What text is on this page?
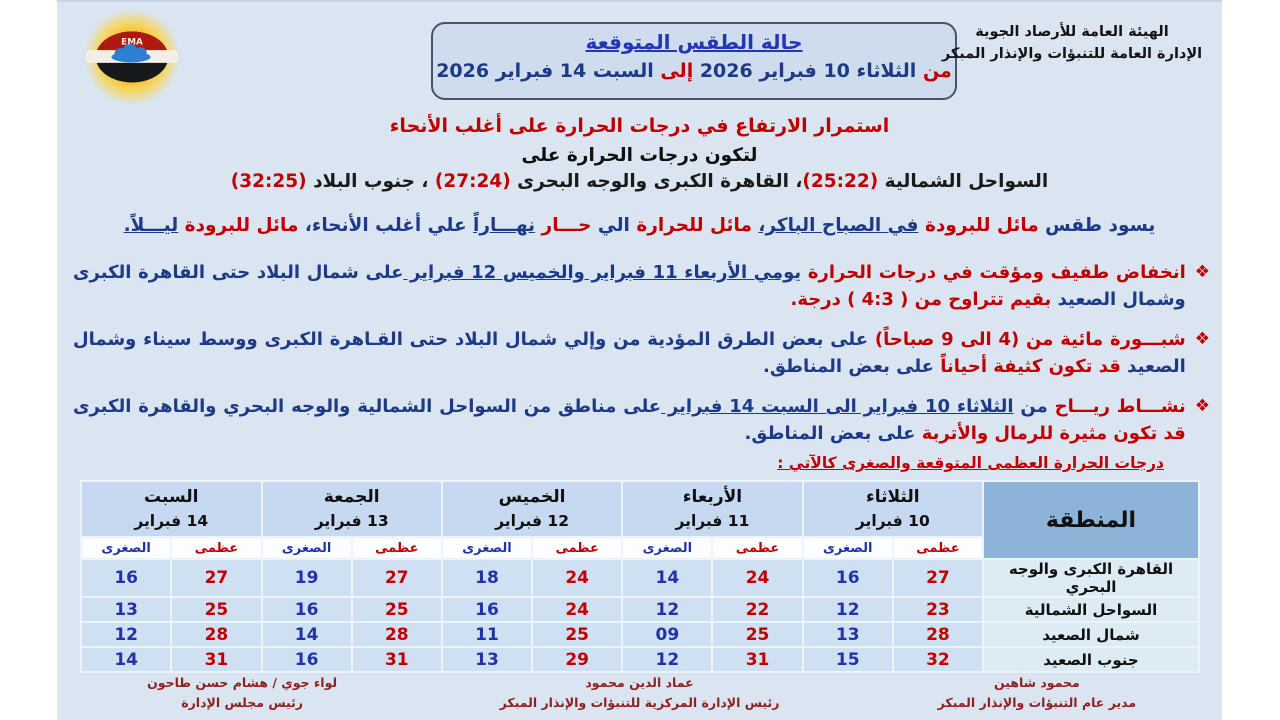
EMA	حالة الطقس المتوقعة
من الثلاثاء 10 فبراير 2026 إلى السبت 14 فبراير 2026
الهيئة العامة للأرصاد الجوية
الإدارة العامة للتنبؤات والإنذار المبكر
استمرار الارتفاع في درجات الحرارة على أغلب الأنحاء
لتكون درجات الحرارة على
السواحل الشمالية (25:22)، القاهرة الكبرى والوجه البحرى (27:24) ، جنوب البلاد (32:25)
يسود طقس مائل للبرودة في الصباح الباكر، مائل للحرارة الي حـــار نهـــاراً علي أغلب الأنحاء، مائل للبرودة ليـــلاً.
❖
انخفاض طفيف ومؤقت في درجات الحرارة يومي الأربعاء 11 فبراير والخميس 12 فبراير على شمال البلاد حتى القاهرة الكبرى وشمال الصعيد بقيم تتراوح من ( 4:3 ) درجة.
❖
شبـــورة مائية من (4 الى 9 صباحاً) على بعض الطرق المؤدية من وإلي شمال البلاد حتى القـاهرة الكبرى ووسط سيناء وشمال الصعيد قد تكون كثيفة أحياناً على بعض المناطق.
❖
نشـــاط ريـــاح من الثلاثاء 10 فبراير الى السبت 14 فبراير على مناطق من السواحل الشمالية والوجه البحري والقاهرة الكبرى قد تكون مثيرة للرمال والأتربة على بعض المناطق.
درجات الحرارة العظمى المتوقعة والصغرى كالآتي :
المنطقة	
الثلاثاء
10 فبراير

الأربعاء
11 فبراير

الخميس
12 فبراير

الجمعة
13 فبراير

السبت
14 فبراير

	عظمى	الصغرى	عظمى	الصغرى	عظمى	الصغرى	عظمى	الصغرى	عظمى	الصغرى
القاهرة الكبرى والوجه البحري	27	16	24	14	24	18	27	19	27	16
السواحل الشمالية	23	12	22	12	24	16	25	16	25	13
شمال الصعيد	28	13	25	09	25	11	28	14	28	12
جنوب الصعيد	32	15	31	12	29	13	31	16	31	14
محمود شاهين
مدير عام التنبؤات والإنذار المبكر
عماد الدين محمود
رئيس الإدارة المركزية للتنبؤات والإنذار المبكر
لواء جوي / هشام حسن طاحون
رئيس مجلس الإدارة
